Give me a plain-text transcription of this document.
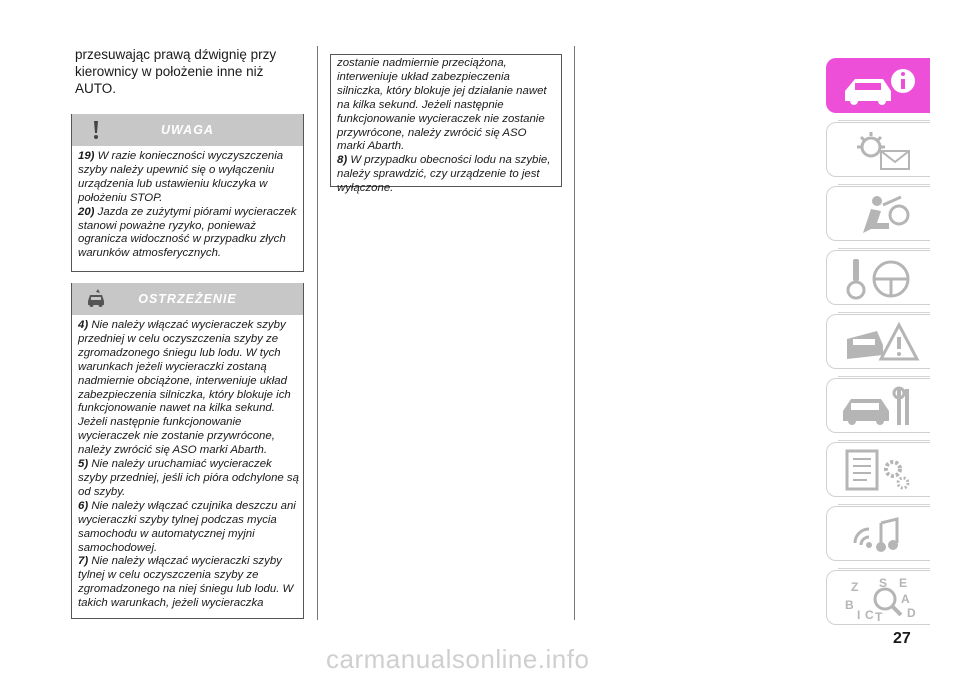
przesuwając prawą dźwignię przy kierownicy w położenie inne niż AUTO.
UWAGA

19) W razie konieczności wyczyszczenia szyby należy upewnić się o wyłączeniu urządzenia lub ustawieniu kluczyka w położeniu STOP.

20) Jazda ze zużytymi piórami wycieraczek stanowi poważne ryzyko, ponieważ ogranicza widoczność w przypadku złych warunków atmosferycznych.

OSTRZEŻENIE

4) Nie należy włączać wycieraczek szyby przedniej w celu oczyszczenia szyby ze zgromadzonego śniegu lub lodu. W tych warunkach jeżeli wycieraczki zostaną nadmiernie obciążone, interweniuje układ zabezpieczenia silniczka, który blokuje ich funkcjonowanie nawet na kilka sekund. Jeżeli następnie funkcjonowanie wycieraczek nie zostanie przywrócone, należy zwrócić się ASO marki Abarth.

5) Nie należy uruchamiać wycieraczek szyby przedniej, jeśli ich pióra odchylone są od szyby.

6) Nie należy włączać czujnika deszczu ani wycieraczki szyby tylnej podczas mycia samochodu w automatycznej myjni samochodowej.

7) Nie należy włączać wycieraczki szyby tylnej w celu oczyszczenia szyby ze zgromadzonego na niej śniegu lub lodu. W takich warunkach, jeżeli wycieraczka

zostanie nadmiernie przeciążona, interweniuje układ zabezpieczenia silniczka, który blokuje jej działanie nawet na kilka sekund. Jeżeli następnie funkcjonowanie wycieraczek nie zostanie przywrócone, należy zwrócić się ASO marki Abarth.

8) W przypadku obecności lodu na szybie, należy sprawdzić, czy urządzenie to jest wyłączone.

Z	E
B	A
D
C T
I
S
27
carmanualsonline.info
